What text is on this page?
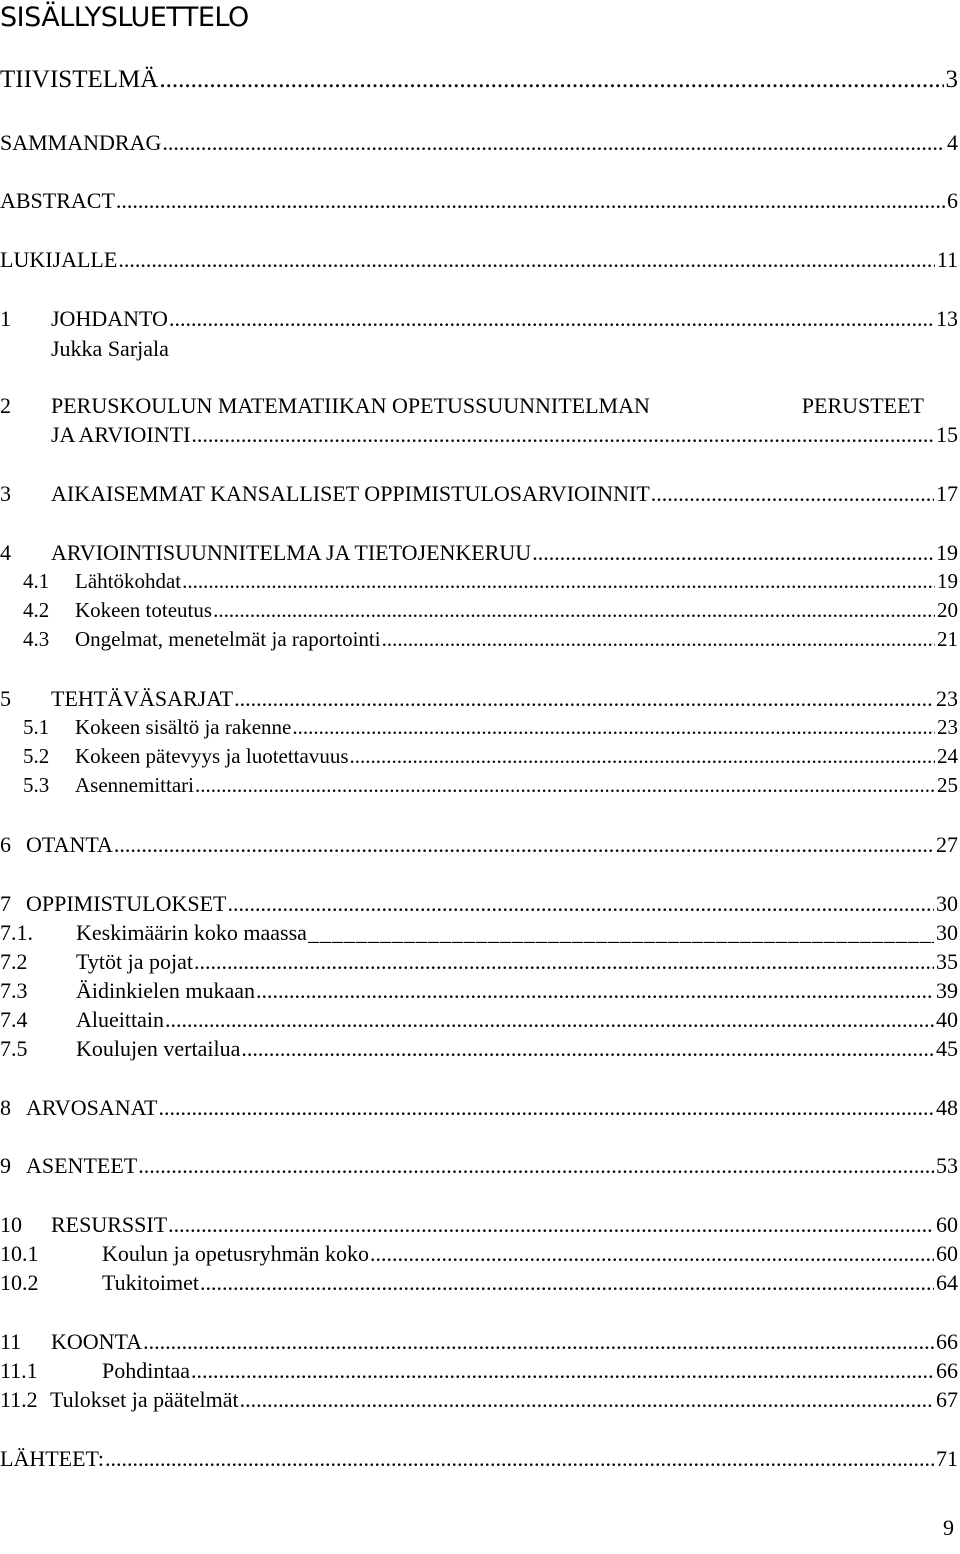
SISÄLLYSLUETTELO
TIIVISTELMÄ .....	3
SAMMANDRAG .....	4
ABSTRACT .....	6
LUKIJALLE .....	11
1	JOHDANTO .....	13
Jukka Sarjala
2 PERUSKOULUN MATEMATIIKAN OPETUSSUUNNITELMAN	PERUSTEET
JA ARVIOINTI .....	15
3	AIKAISEMMAT KANSALLISET OPPIMISTULOSARVIOINNIT .....	17
4	ARVIOINTISUUNNITELMA JA TIETOJENKERUU .....	19
4.1	Lähtökohdat .....	19
4.2	Kokeen toteutus .....	20
4.3	Ongelmat, menetelmät ja raportointi .....	21
5	TEHTÄVÄSARJAT .....	23
5.1	Kokeen sisältö ja rakenne .....	23
5.2	Kokeen pätevyys ja luotettavuus .....	24
5.3	Asennemittari .....	25
6 OTANTA .....	27
7 OPPIMISTULOKSET .....	30
7.1.	Keskimäärin koko maassa _____	30
7.2	Tytöt ja pojat .....	35
7.3	Äidinkielen mukaan .....	39
7.4	Alueittain .....	40
7.5	Koulujen vertailua .....	45
8 ARVOSANAT .....	48
9 ASENTEET .....	53
10	RESURSSIT .....	60
10.1	Koulun ja opetusryhmän koko .....	60
10.2	Tukitoimet .....	64
11	KOONTA .....	66
11.1	Pohdintaa .....	66
11.2 Tulokset ja päätelmät .....	67
LÄHTEET: .....	71
9
